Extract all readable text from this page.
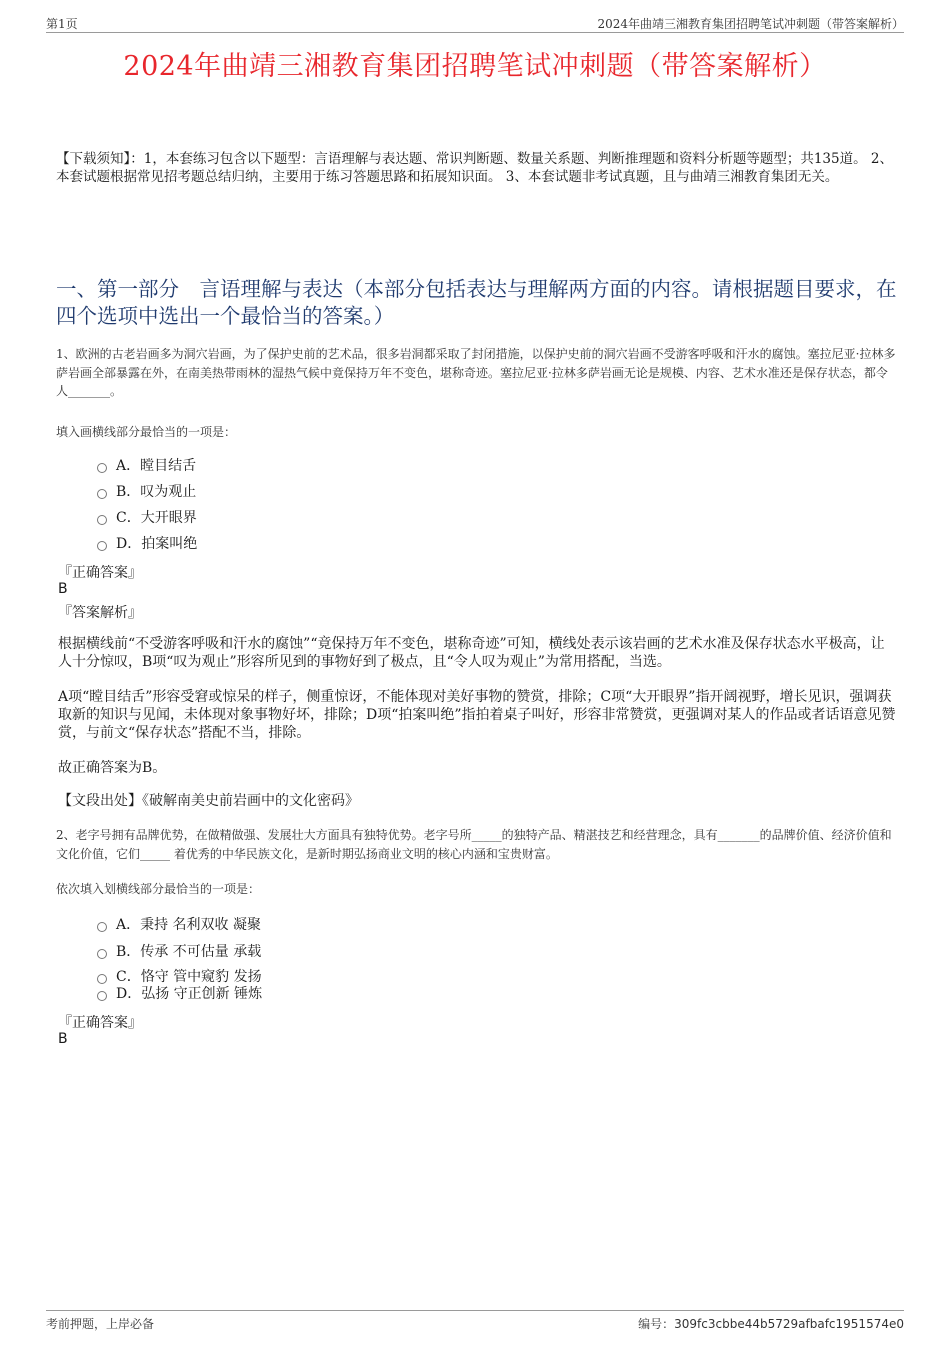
第1页	2024年曲靖三湘教育集团招聘笔试冲刺题（带答案解析）
2024年曲靖三湘教育集团招聘笔试冲刺题（带答案解析）
【下载须知】：1，本套练习包含以下题型：言语理解与表达题、常识判断题、数量关系题、判断推理题和资料分析题等题型；共135道。 2、本套试题根据常见招考题总结归纳，主要用于练习答题思路和拓展知识面。 3、本套试题非考试真题，且与曲靖三湘教育集团无关。
一、第一部分　言语理解与表达（本部分包括表达与理解两方面的内容。请根据题目要求，在四个选项中选出一个最恰当的答案。）
1、欧洲的古老岩画多为洞穴岩画，为了保护史前的艺术品，很多岩洞都采取了封闭措施，以保护史前的洞穴岩画不受游客呼吸和汗水的腐蚀。塞拉尼亚·拉林多萨岩画全部暴露在外，在南美热带雨林的湿热气候中竟保持万年不变色，堪称奇迹。塞拉尼亚·拉林多萨岩画无论是规模、内容、艺术水准还是保存状态，都令人_______。
填入画横线部分最恰当的一项是：
A．瞠目结舌
B．叹为观止
C．大开眼界
D．拍案叫绝
『正确答案』
B
『答案解析』
根据横线前“不受游客呼吸和汗水的腐蚀”“竟保持万年不变色，堪称奇迹”可知，横线处表示该岩画的艺术水准及保存状态水平极高，让人十分惊叹，B项“叹为观止”形容所见到的事物好到了极点，且“令人叹为观止”为常用搭配，当选。
A项“瞠目结舌”形容受窘或惊呆的样子，侧重惊讶，不能体现对美好事物的赞赏，排除；C项“大开眼界”指开阔视野，增长见识，强调获取新的知识与见闻，未体现对象事物好坏，排除；D项“拍案叫绝”指拍着桌子叫好，形容非常赞赏，更强调对某人的作品或者话语意见赞赏，与前文“保存状态”搭配不当，排除。
故正确答案为B。
【文段出处】《破解南美史前岩画中的文化密码》
2、老字号拥有品牌优势，在做精做强、发展壮大方面具有独特优势。老字号所_____的独特产品、精湛技艺和经营理念，具有_______的品牌价值、经济价值和文化价值，它们_____ 着优秀的中华民族文化，是新时期弘扬商业文明的核心内涵和宝贵财富。
依次填入划横线部分最恰当的一项是：
A．秉持 名利双收 凝聚
B．传承 不可估量 承载
C．恪守 管中窥豹 发扬
D．弘扬 守正创新 锤炼
『正确答案』
B
考前押题，上岸必备	编号：309fc3cbbe44b5729afbafc1951574e0
